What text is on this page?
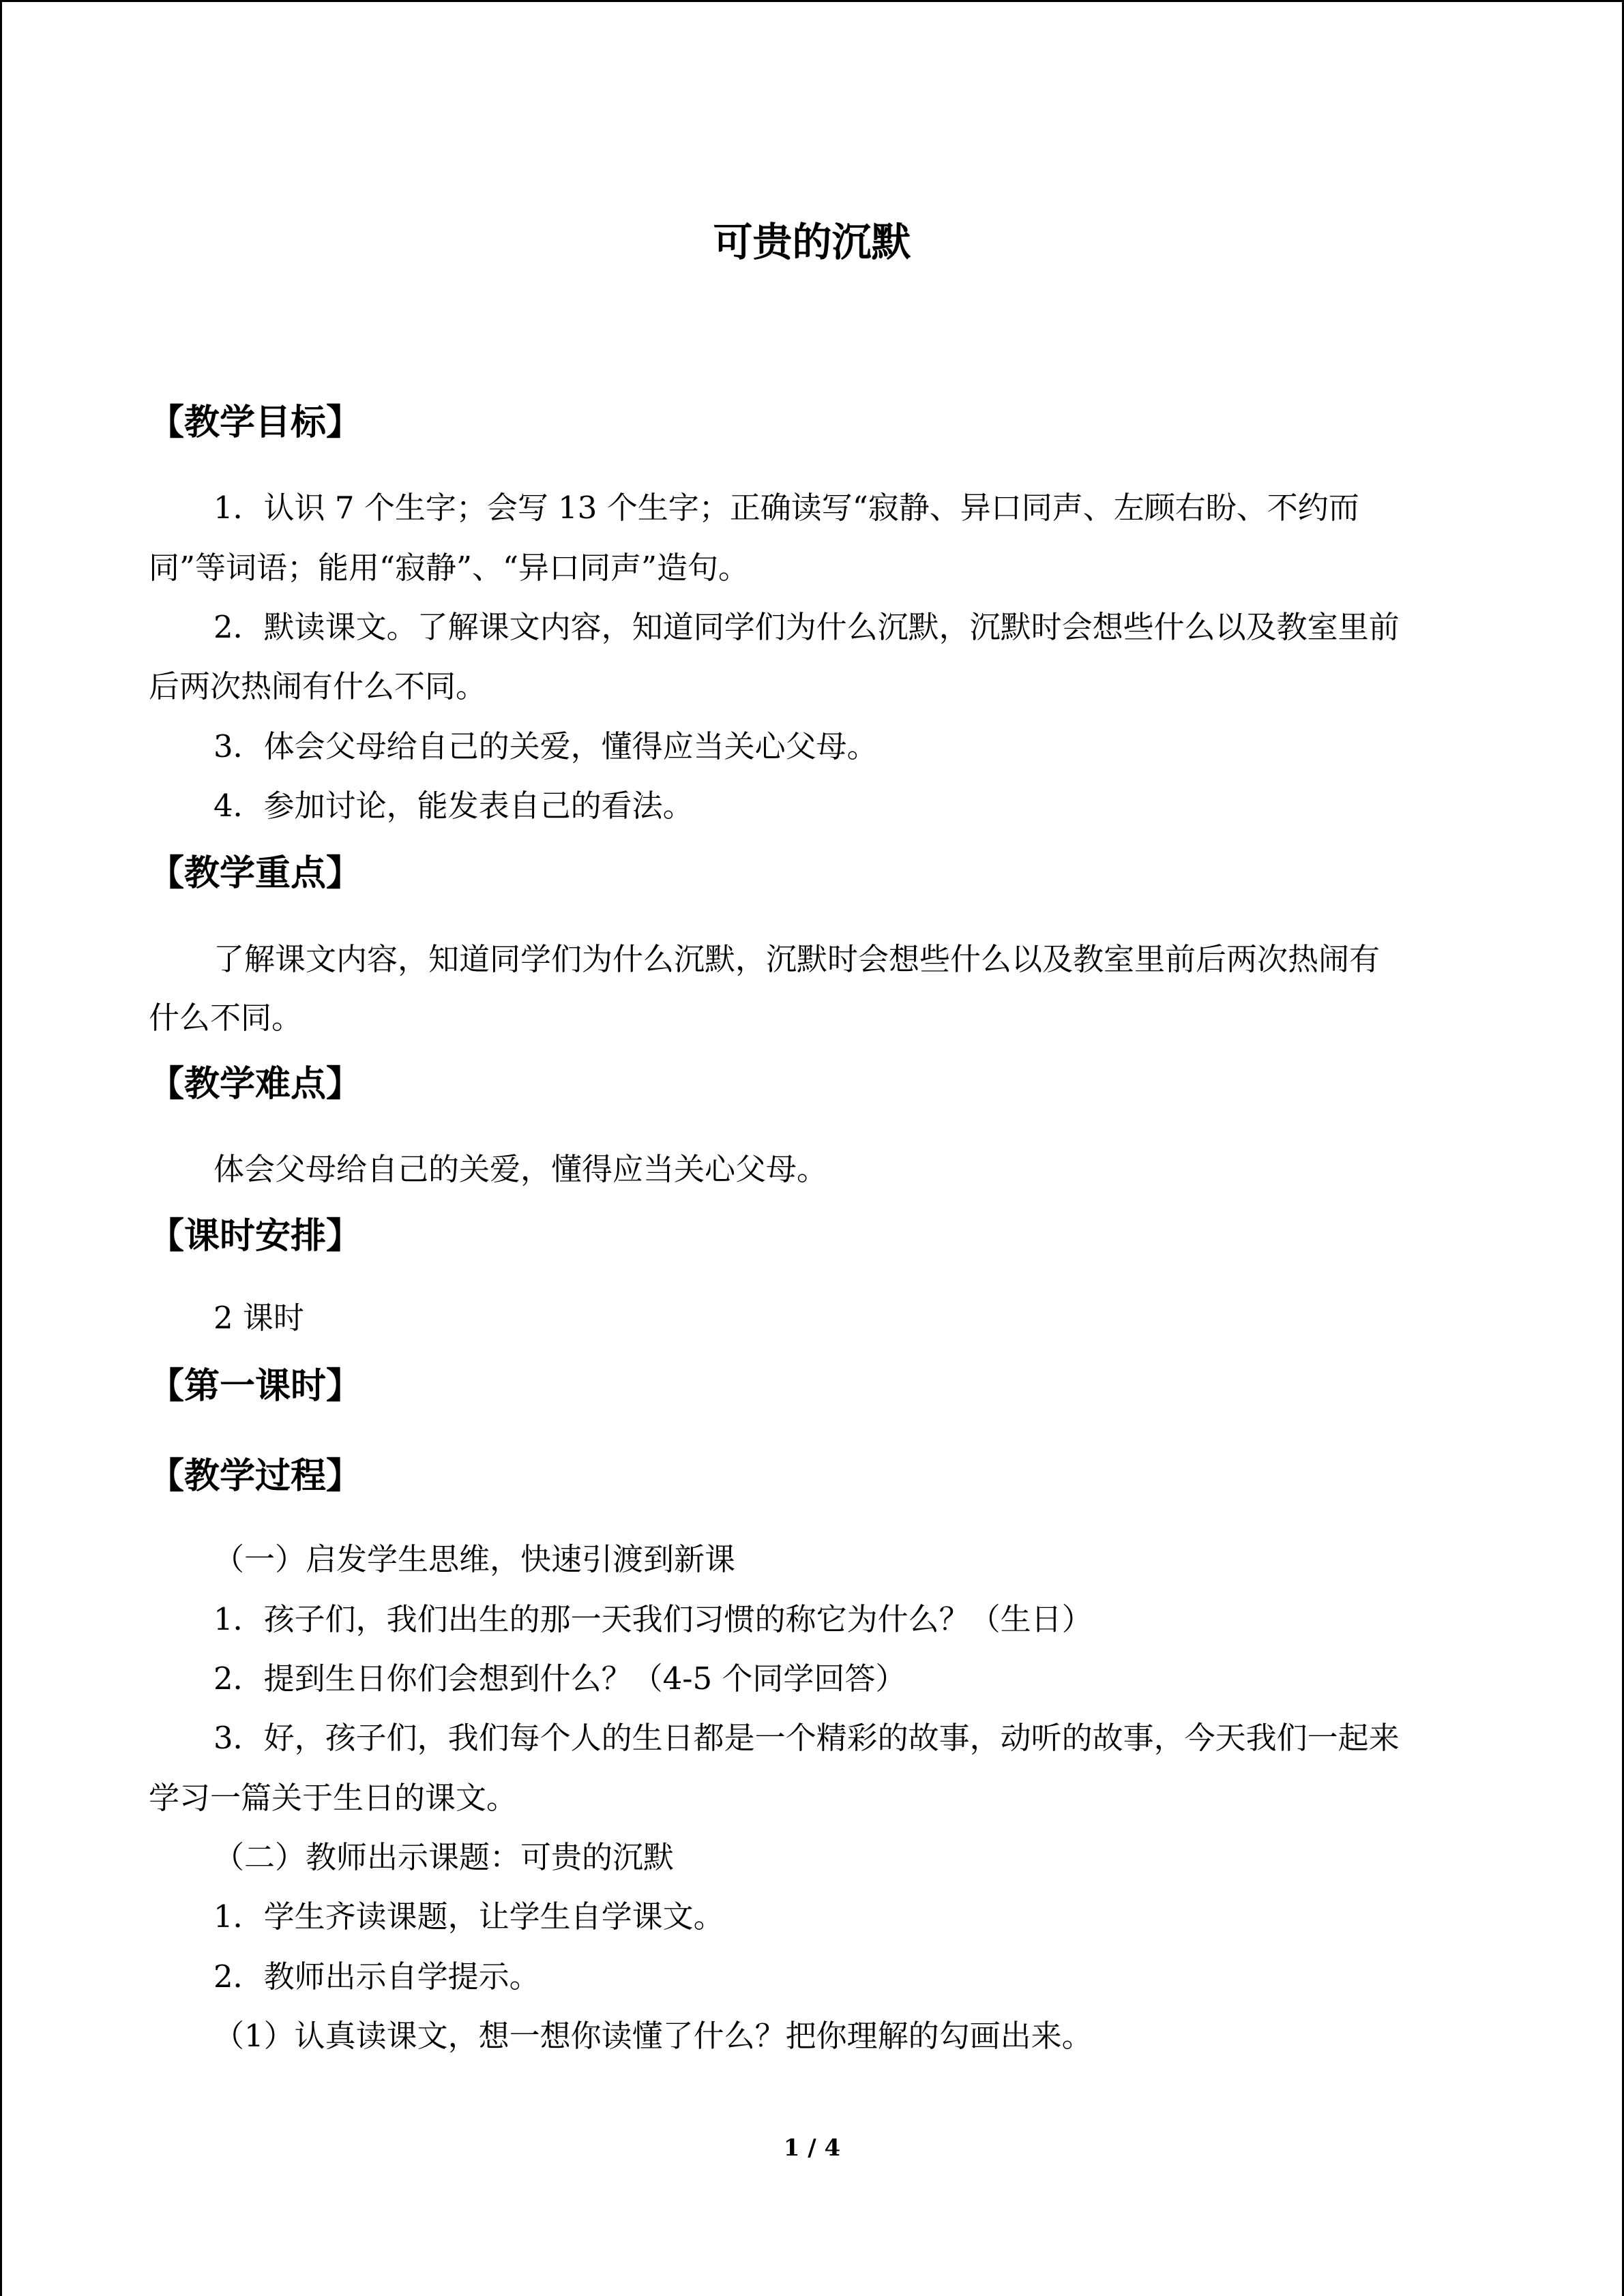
可贵的沉默
【教学目标】
1．认识 7 个生字；会写 13 个生字；正确读写“寂静、异口同声、左顾右盼、不约而
同”等词语；能用“寂静”、“异口同声”造句。
2．默读课文。了解课文内容，知道同学们为什么沉默，沉默时会想些什么以及教室里前
后两次热闹有什么不同。
3．体会父母给自己的关爱，懂得应当关心父母。
4．参加讨论，能发表自己的看法。
【教学重点】
了解课文内容，知道同学们为什么沉默，沉默时会想些什么以及教室里前后两次热闹有
什么不同。
【教学难点】
体会父母给自己的关爱，懂得应当关心父母。
【课时安排】
2 课时
【第一课时】
【教学过程】
（一）启发学生思维，快速引渡到新课
1．孩子们，我们出生的那一天我们习惯的称它为什么？（生日）
2．提到生日你们会想到什么？（4-5 个同学回答）
3．好，孩子们，我们每个人的生日都是一个精彩的故事，动听的故事，今天我们一起来
学习一篇关于生日的课文。
（二）教师出示课题：可贵的沉默
1．学生齐读课题，让学生自学课文。
2．教师出示自学提示。
（1）认真读课文，想一想你读懂了什么？把你理解的勾画出来。
1 / 4
